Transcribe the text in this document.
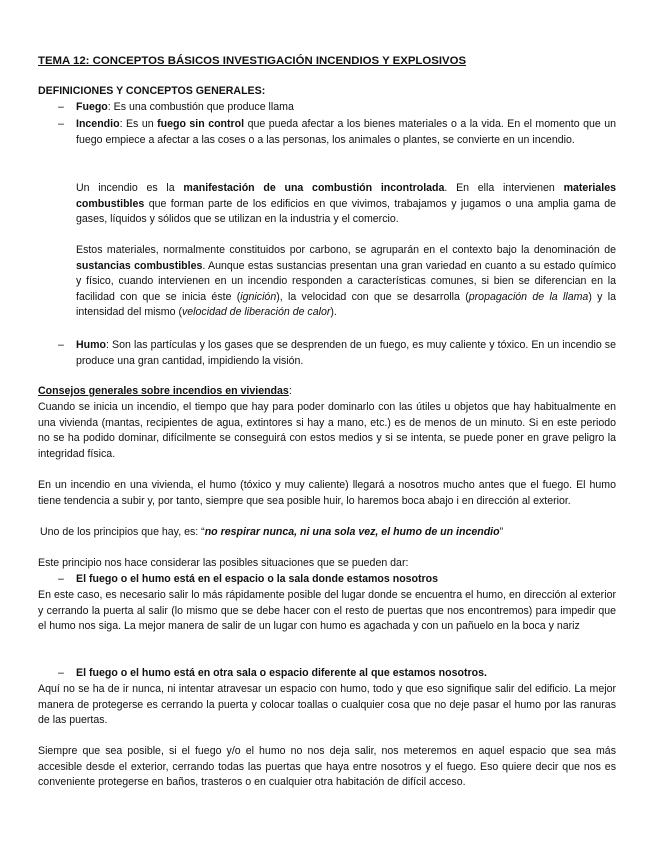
TEMA 12: CONCEPTOS BÁSICOS INVESTIGACIÓN INCENDIOS Y EXPLOSIVOS
DEFINICIONES Y CONCEPTOS GENERALES:
– Fuego: Es una combustión que produce llama
– Incendio: Es un fuego sin control que pueda afectar a los bienes materiales o a la vida. En el momento que un fuego empiece a afectar a las coses o a las personas, los animales o plantes, se convierte en un incendio.
Un incendio es la manifestación de una combustión incontrolada. En ella intervienen materiales combustibles que forman parte de los edificios en que vivimos, trabajamos y jugamos o una amplia gama de gases, líquidos y sólidos que se utilizan en la industria y el comercio.
Estos materiales, normalmente constituidos por carbono, se agruparán en el contexto bajo la denominación de sustancias combustibles. Aunque estas sustancias presentan una gran variedad en cuanto a su estado químico y físico, cuando intervienen en un incendio responden a características comunes, si bien se diferencian en la facilidad con que se inicia éste (ignición), la velocidad con que se desarrolla (propagación de la llama) y la intensidad del mismo (velocidad de liberación de calor).
– Humo: Son las partículas y los gases que se desprenden de un fuego, es muy caliente y tóxico. En un incendio se produce una gran cantidad, impidiendo la visión.
Consejos generales sobre incendios en viviendas:
Cuando se inicia un incendio, el tiempo que hay para poder dominarlo con las útiles u objetos que hay habitualmente en una vivienda (mantas, recipientes de agua, extintores si hay a mano, etc.) es de menos de un minuto. Si en este periodo no se ha podido dominar, difícilmente se conseguirá con estos medios y si se intenta, se puede poner en grave peligro la integridad física.
En un incendio en una vivienda, el humo (tóxico y muy caliente) llegará a nosotros mucho antes que el fuego. El humo tiene tendencia a subir y, por tanto, siempre que sea posible huir, lo haremos boca abajo i en dirección al exterior.
Uno de los principios que hay, es: “no respirar nunca, ni una sola vez, el humo de un incendio”
Este principio nos hace considerar las posibles situaciones que se pueden dar:
– El fuego o el humo está en el espacio o la sala donde estamos nosotros
En este caso, es necesario salir lo más rápidamente posible del lugar donde se encuentra el humo, en dirección al exterior y cerrando la puerta al salir (lo mismo que se debe hacer con el resto de puertas que nos encontremos) para impedir que el humo nos siga. La mejor manera de salir de un lugar con humo es agachada y con un pañuelo en la boca y nariz
– El fuego o el humo está en otra sala o espacio diferente al que estamos nosotros.
Aquí no se ha de ir nunca, ni intentar atravesar un espacio con humo, todo y que eso signifique salir del edificio. La mejor manera de protegerse es cerrando la puerta y colocar toallas o cualquier cosa que no deje pasar el humo por las ranuras de las puertas.
Siempre que sea posible, si el fuego y/o el humo no nos deja salir, nos meteremos en aquel espacio que sea más accesible desde el exterior, cerrando todas las puertas que haya entre nosotros y el fuego. Eso quiere decir que nos es conveniente protegerse en baños, trasteros o en cualquier otra habitación de difícil acceso.
